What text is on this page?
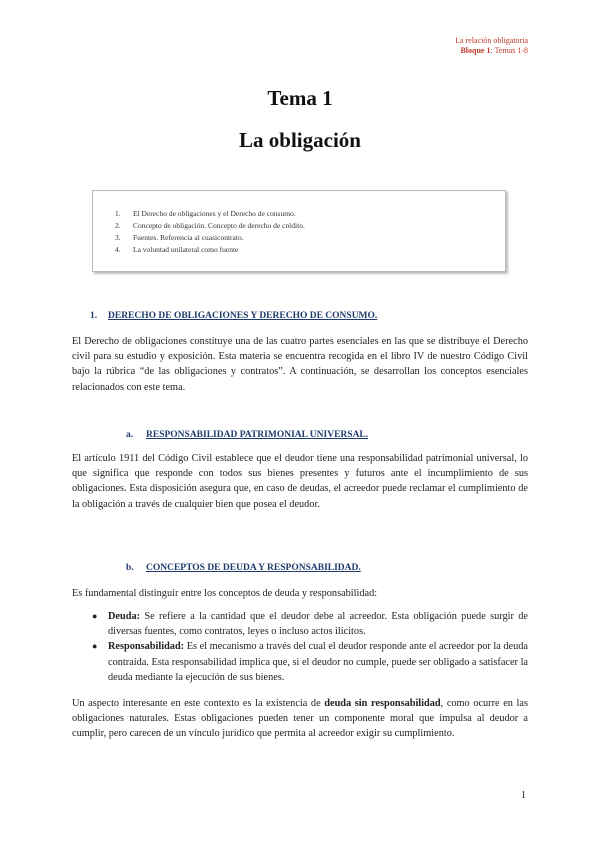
La relación obligatoria
Bloque 1: Temas 1-8
Tema 1
La obligación
1. El Derecho de obligaciones y el Derecho de consumo.
2. Concepto de obligación. Concepto de derecho de crédito.
3. Fuentes. Referencia al cuasicontrato.
4. La voluntad unilateral como fuente
1. DERECHO DE OBLIGACIONES Y DERECHO DE CONSUMO.
El Derecho de obligaciones constituye una de las cuatro partes esenciales en las que se distribuye el Derecho civil para su estudio y exposición. Esta materia se encuentra recogida en el libro IV de nuestro Código Civil bajo la rúbrica “de las obligaciones y contratos”. A continuación, se desarrollan los conceptos esenciales relacionados con este tema.
a. RESPONSABILIDAD PATRIMONIAL UNIVERSAL.
El artículo 1911 del Código Civil establece que el deudor tiene una responsabilidad patrimonial universal, lo que significa que responde con todos sus bienes presentes y futuros ante el incumplimiento de sus obligaciones. Esta disposición asegura que, en caso de deudas, el acreedor puede reclamar el cumplimiento de la obligación a través de cualquier bien que posea el deudor.
b. CONCEPTOS DE DEUDA Y RESPONSABILIDAD.
Es fundamental distinguir entre los conceptos de deuda y responsabilidad:
● Deuda: Se refiere a la cantidad que el deudor debe al acreedor. Esta obligación puede surgir de diversas fuentes, como contratos, leyes o incluso actos ilícitos.
● Responsabilidad: Es el mecanismo a través del cual el deudor responde ante el acreedor por la deuda contraída. Esta responsabilidad implica que, si el deudor no cumple, puede ser obligado a satisfacer la deuda mediante la ejecución de sus bienes.
Un aspecto interesante en este contexto es la existencia de deuda sin responsabilidad, como ocurre en las obligaciones naturales. Estas obligaciones pueden tener un componente moral que impulsa al deudor a cumplir, pero carecen de un vínculo jurídico que permita al acreedor exigir su cumplimiento.
1
